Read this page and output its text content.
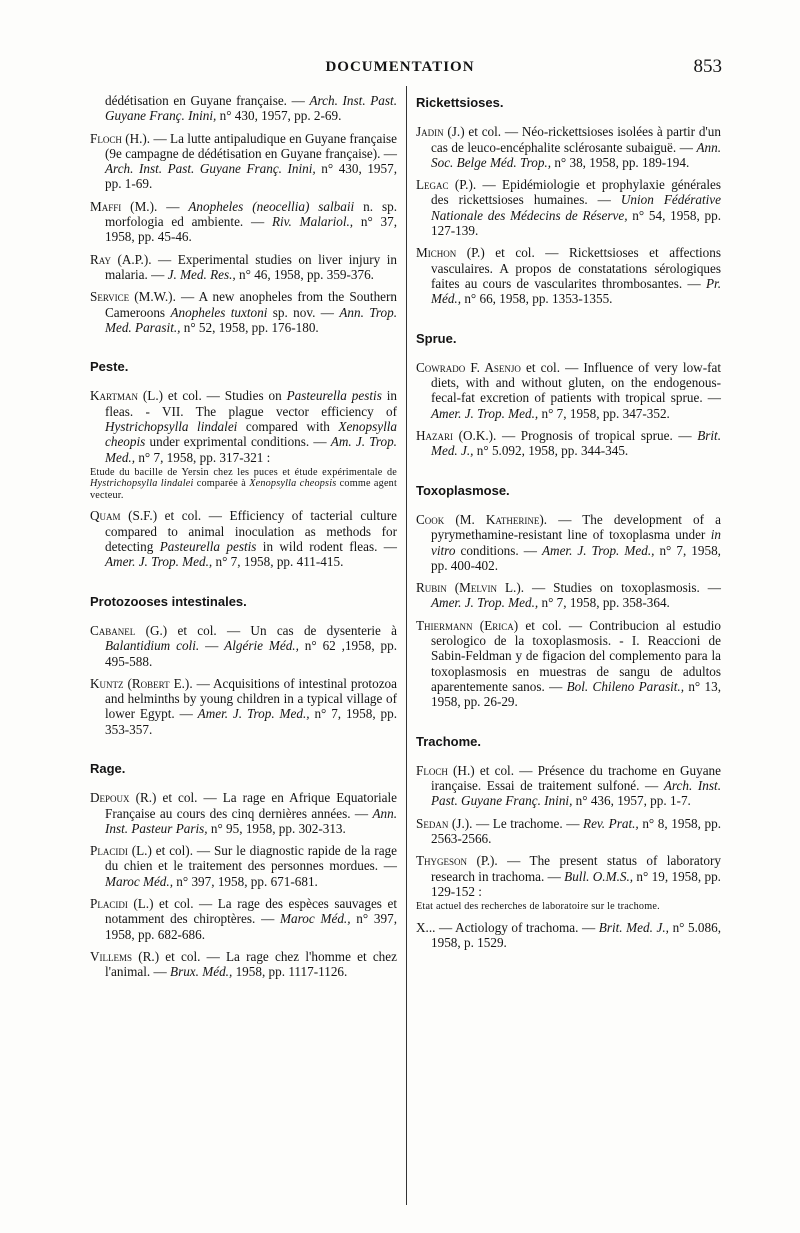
DOCUMENTATION	853

dédétisation en Guyane française. — Arch. Inst. Past. Guyane Franç. Inini, n° 430, 1957, pp. 2-69.

Floch (H.). — La lutte antipaludique en Guyane française (9e campagne de dédétisation en Guyane française). — Arch. Inst. Past. Guyane Franç. Inini, n° 430, 1957, pp. 1-69.

Maffi (M.). — Anopheles (neocellia) salbaii n. sp. morfologia ed ambiente. — Riv. Malariol., n° 37, 1958, pp. 45-46.

Ray (A.P.). — Experimental studies on liver injury in malaria. — J. Med. Res., n° 46, 1958, pp. 359-376.

Service (M.W.). — A new anopheles from the Southern Cameroons Anopheles tuxtoni sp. nov. — Ann. Trop. Med. Parasit., n° 52, 1958, pp. 176-180.

Peste.

Kartman (L.) et col. — Studies on Pasteurella pestis in fleas. - VII. The plague vector efficiency of Hystrichopsylla lindalei compared with Xenopsylla cheopis under exprimental conditions. — Am. J. Trop. Med., n° 7, 1958, pp. 317-321 :
Etude du bacille de Yersin chez les puces et étude expérimentale de Hystrichopsylla lindalei comparée à Xenopsylla cheopsis comme agent vecteur.

Quam (S.F.) et col. — Efficiency of tacterial culture compared to animal inoculation as methods for detecting Pasteurella pestis in wild rodent fleas. — Amer. J. Trop. Med., n° 7, 1958, pp. 411-415.

Protozooses intestinales.

Cabanel (G.) et col. — Un cas de dysenterie à Balantidium coli. — Algérie Méd., n° 62 ,1958, pp. 495-588.

Kuntz (Robert E.). — Acquisitions of intestinal protozoa and helminths by young children in a typical village of lower Egypt. — Amer. J. Trop. Med., n° 7, 1958, pp. 353-357.

Rage.

Depoux (R.) et col. — La rage en Afrique Equatoriale Française au cours des cinq dernières années. — Ann. Inst. Pasteur Paris, n° 95, 1958, pp. 302-313.

Placidi (L.) et col). — Sur le diagnostic rapide de la rage du chien et le traitement des personnes mordues. — Maroc Méd., n° 397, 1958, pp. 671-681.

Placidi (L.) et col. — La rage des espèces sauvages et notamment des chiroptères. — Maroc Méd., n° 397, 1958, pp. 682-686.

Villems (R.) et col. — La rage chez l'homme et chez l'animal. — Brux. Méd., 1958, pp. 1117-1126.

Rickettsioses.

Jadin (J.) et col. — Néo-rickettsioses isolées à partir d'un cas de leuco-encéphalite sclérosante subaiguë. — Ann. Soc. Belge Méd. Trop., n° 38, 1958, pp. 189-194.

Legac (P.). — Epidémiologie et prophylaxie générales des rickettsioses humaines. — Union Fédérative Nationale des Médecins de Réserve, n° 54, 1958, pp. 127-139.

Michon (P.) et col. — Rickettsioses et affections vasculaires. A propos de constatations sérologiques faites au cours de vascularites thrombosantes. — Pr. Méd., n° 66, 1958, pp. 1353-1355.

Sprue.

Cowrado F. Asenjo et col. — Influence of very low-fat diets, with and without gluten, on the endogenous-fecal-fat excretion of patients with tropical sprue. — Amer. J. Trop. Med., n° 7, 1958, pp. 347-352.

Hazari (O.K.). — Prognosis of tropical sprue. — Brit. Med. J., n° 5.092, 1958, pp. 344-345.

Toxoplasmose.

Cook (M. Katherine). — The development of a pyrymethamine-resistant line of toxoplasma under in vitro conditions. — Amer. J. Trop. Med., n° 7, 1958, pp. 400-402.

Rubin (Melvin L.). — Studies on toxoplasmosis. — Amer. J. Trop. Med., n° 7, 1958, pp. 358-364.

Thiermann (Erica) et col. — Contribucion al estudio serologico de la toxoplasmosis. - I. Reaccioni de Sabin-Feldman y de figacion del complemento para la toxoplasmosis en muestras de sangu de adultos aparentemente sanos. — Bol. Chileno Parasit., n° 13, 1958, pp. 26-29.

Trachome.

Floch (H.) et col. — Présence du trachome en Guyane irançaise. Essai de traitement sulfoné. — Arch. Inst. Past. Guyane Franç. Inini, n° 436, 1957, pp. 1-7.

Sedan (J.). — Le trachome. — Rev. Prat., n° 8, 1958, pp. 2563-2566.

Thygeson (P.). — The present status of laboratory research in trachoma. — Bull. O.M.S., n° 19, 1958, pp. 129-152 :
Etat actuel des recherches de laboratoire sur le trachome.

X... — Actiology of trachoma. — Brit. Med. J., n° 5.086, 1958, p. 1529.
